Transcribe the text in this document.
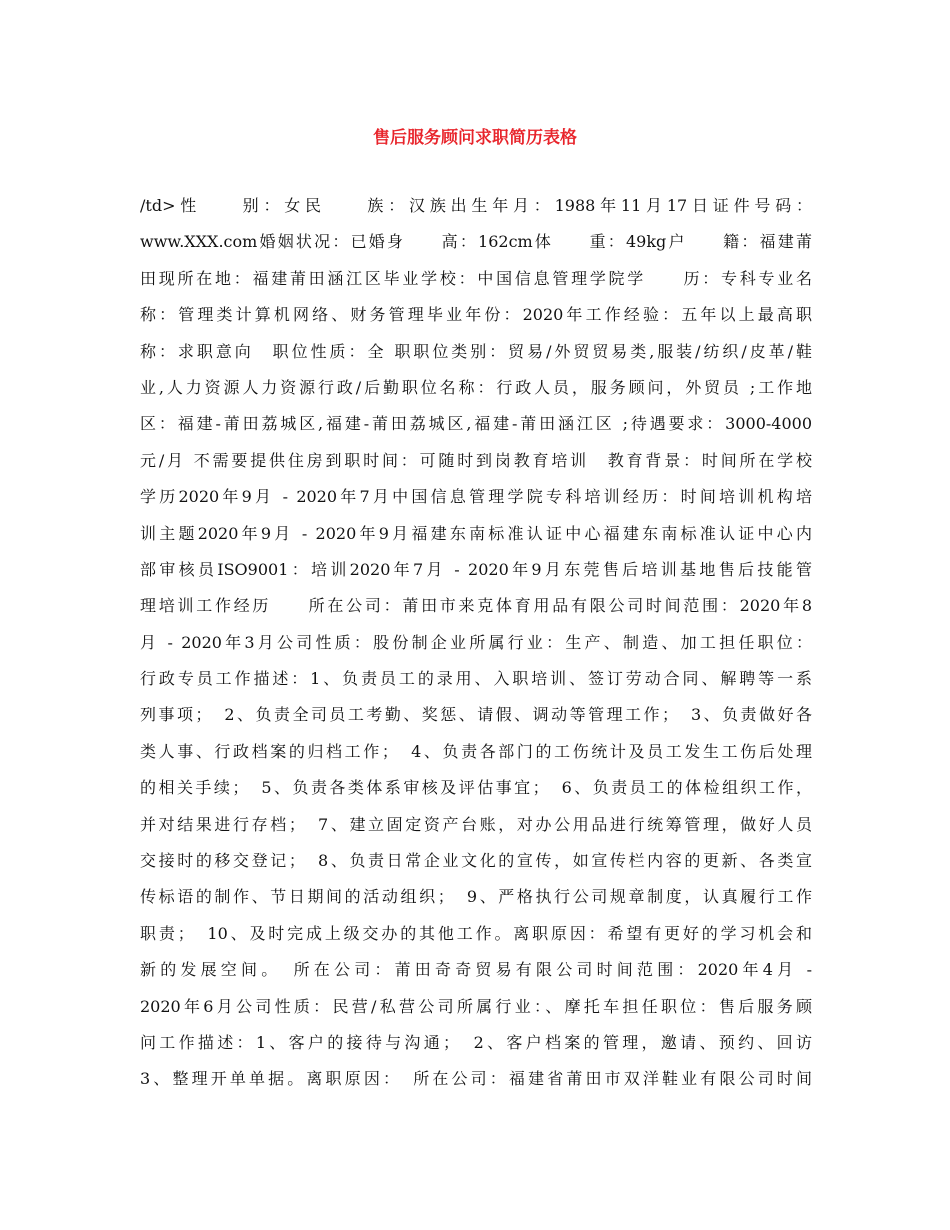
售后服务顾问求职简历表格
/td>性　　别：女民　　族：汉族出生年月：1988年11月17日证件号码：
www.XXX.com婚姻状况：已婚身　　高：162cm体　　重：49kg户　　籍：福建莆
田现所在地：福建莆田涵江区毕业学校：中国信息管理学院学　　历：专科专业名
称：管理类计算机网络、财务管理毕业年份：2020年工作经验：五年以上最高职
称：求职意向　职位性质：全 职职位类别：贸易/外贸贸易类,服装/纺织/皮革/鞋
业,人力资源人力资源行政/后勤职位名称：行政人员，服务顾问，外贸员 ;工作地
区：福建-莆田荔城区,福建-莆田荔城区,福建-莆田涵江区 ;待遇要求：3000-4000
元/月 不需要提供住房到职时间：可随时到岗教育培训　教育背景：时间所在学校
学历2020年9月 - 2020年7月中国信息管理学院专科培训经历：时间培训机构培
训主题2020年9月 - 2020年9月福建东南标准认证中心福建东南标准认证中心内
部审核员ISO9001：培训2020年7月 - 2020年9月东莞售后培训基地售后技能管
理培训工作经历　　所在公司：莆田市来克体育用品有限公司时间范围：2020年8
月 - 2020年3月公司性质：股份制企业所属行业：生产、制造、加工担任职位：
行政专员工作描述：1、负责员工的录用、入职培训、签订劳动合同、解聘等一系
列事项；　2、负责全司员工考勤、奖惩、请假、调动等管理工作；　3、负责做好各
类人事、行政档案的归档工作；　4、负责各部门的工伤统计及员工发生工伤后处理
的相关手续；　5、负责各类体系审核及评估事宜；　6、负责员工的体检组织工作，
并对结果进行存档；　7、建立固定资产台账，对办公用品进行统筹管理，做好人员
交接时的移交登记；　8、负责日常企业文化的宣传，如宣传栏内容的更新、各类宣
传标语的制作、节日期间的活动组织；　9、严格执行公司规章制度，认真履行工作
职责；　10、及时完成上级交办的其他工作。离职原因：希望有更好的学习机会和
新的发展空间。　所在公司：莆田奇奇贸易有限公司时间范围：2020年4月 -
2020年6月公司性质：民营/私营公司所属行业：、摩托车担任职位：售后服务顾
问工作描述：1、客户的接待与沟通；　2、客户档案的管理，邀请、预约、回访
3、整理开单单据。离职原因：　所在公司：福建省莆田市双洋鞋业有限公司时间
